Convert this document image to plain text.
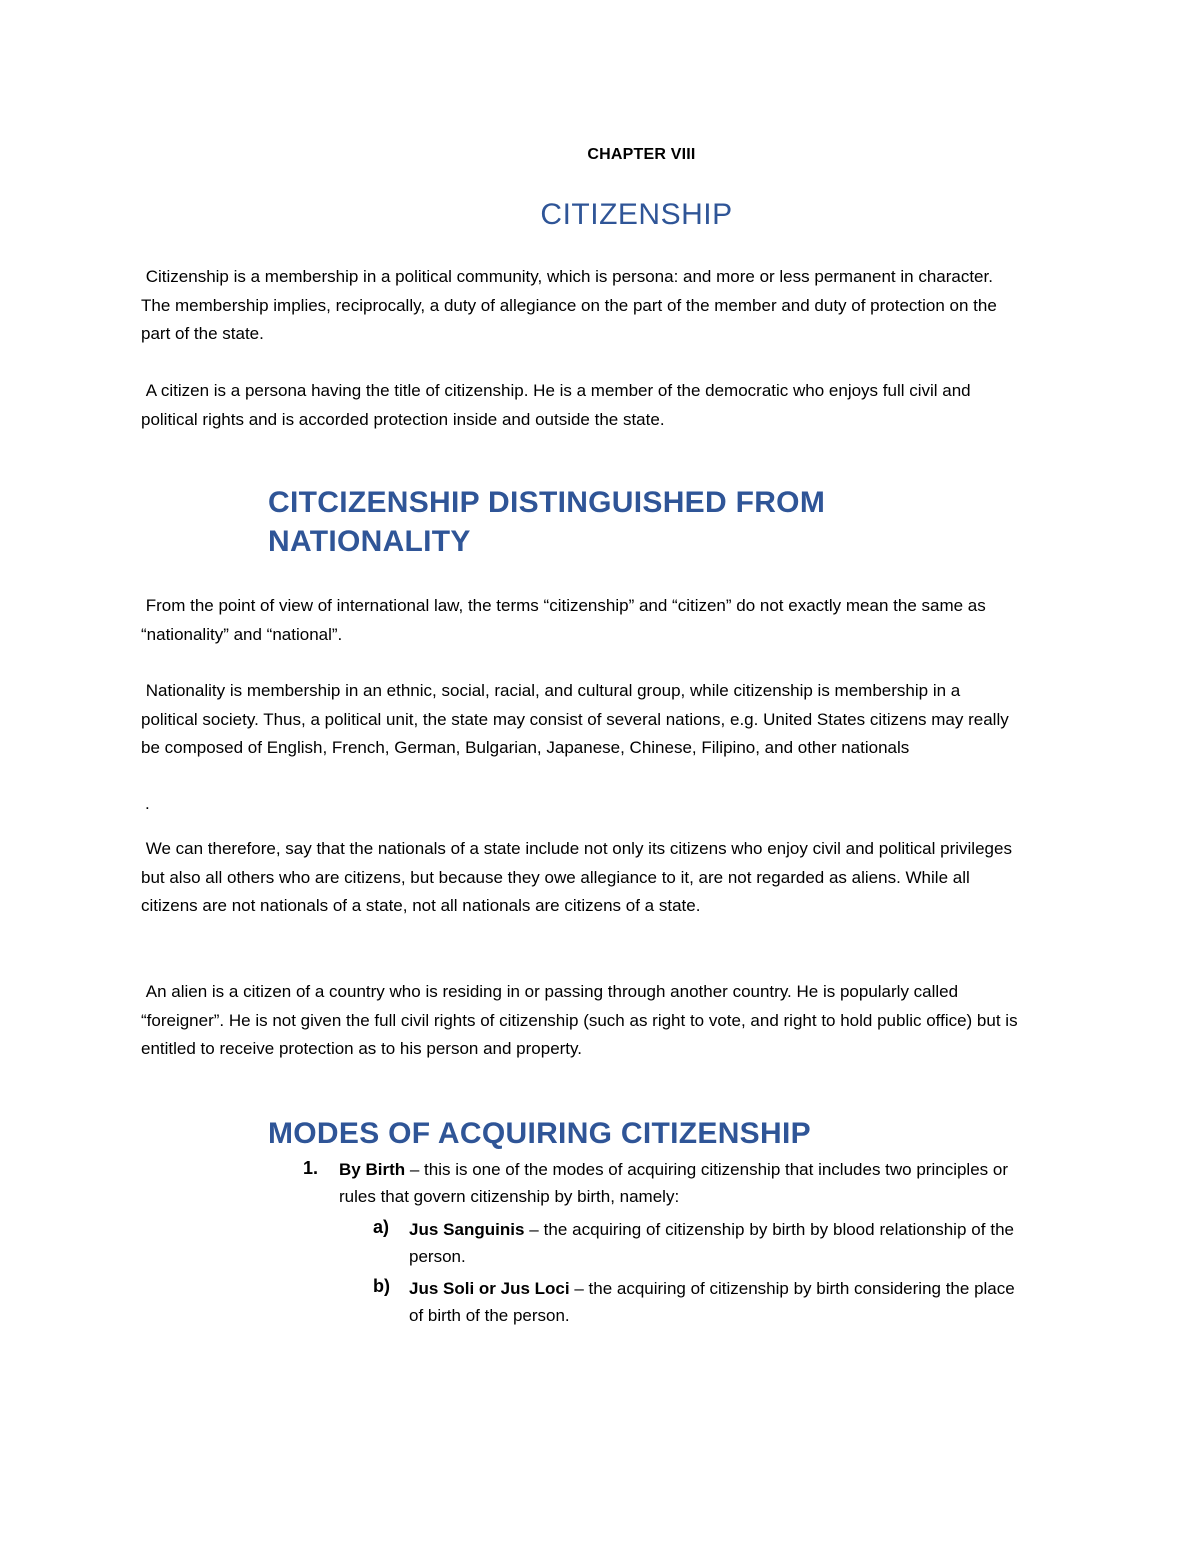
CHAPTER VIII
CITIZENSHIP

Citizenship is a membership in a political community, which is persona: and more or less permanent in character. The membership implies, reciprocally, a duty of allegiance on the part of the member and duty of protection on the part of the state.

A citizen is a persona having the title of citizenship. He is a member of the democratic who enjoys full civil and political rights and is accorded protection inside and outside the state.

CITCIZENSHIP DISTINGUISHED FROM
NATIONALITY

From the point of view of international law, the terms “citizenship” and “citizen” do not exactly mean the same as “nationality” and “national”.

Nationality is membership in an ethnic, social, racial, and cultural group, while citizenship is membership in a political society. Thus, a political unit, the state may consist of several nations, e.g. United States citizens may really be composed of English, French, German, Bulgarian, Japanese, Chinese, Filipino, and other nationals

.

We can therefore, say that the nationals of a state include not only its citizens who enjoy civil and political privileges but also all others who are citizens, but because they owe allegiance to it, are not regarded as aliens. While all citizens are not nationals of a state, not all nationals are citizens of a state.

An alien is a citizen of a country who is residing in or passing through another country. He is popularly called “foreigner”. He is not given the full civil rights of citizenship (such as right to vote, and right to hold public office) but is entitled to receive protection as to his person and property.

MODES OF ACQUIRING CITIZENSHIP
1. By Birth – this is one of the modes of acquiring citizenship that includes two principles or rules that govern citizenship by birth, namely:
a) Jus Sanguinis – the acquiring of citizenship by birth by blood relationship of the person.
b) Jus Soli or Jus Loci – the acquiring of citizenship by birth considering the place of birth of the person.
